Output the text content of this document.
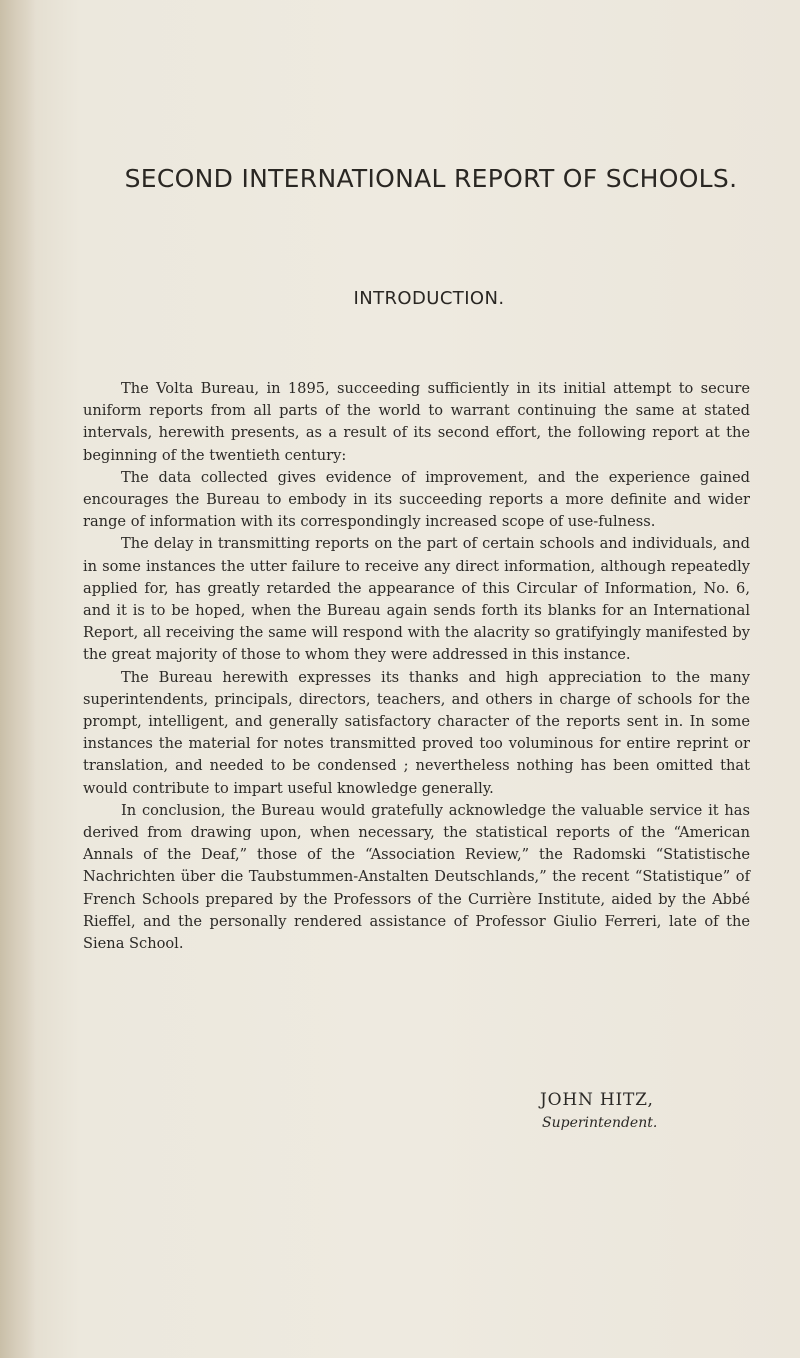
SECOND INTERNATIONAL REPORT OF SCHOOLS.
INTRODUCTION.

The Volta Bureau, in 1895, succeeding sufficiently in its initial attempt to secure uniform reports from all parts of the world to warrant continuing the same at stated intervals, herewith presents, as a result of its second effort, the following report at the beginning of the twentieth century:

The data collected gives evidence of improvement, and the experience gained encourages the Bureau to embody in its succeeding reports a more definite and wider range of information with its correspondingly increased scope of use-fulness.

The delay in transmitting reports on the part of certain schools and individuals, and in some instances the utter failure to receive any direct information, although repeatedly applied for, has greatly retarded the appearance of this Circular of Information, No. 6, and it is to be hoped, when the Bureau again sends forth its blanks for an International Report, all receiving the same will respond with the alacrity so gratifyingly manifested by the great majority of those to whom they were addressed in this instance.

The Bureau herewith expresses its thanks and high appreciation to the many superintendents, principals, directors, teachers, and others in charge of schools for the prompt, intelligent, and generally satisfactory character of the reports sent in. In some instances the material for notes transmitted proved too voluminous for entire reprint or translation, and needed to be condensed ; nevertheless nothing has been omitted that would contribute to impart useful knowledge generally.

In conclusion, the Bureau would gratefully acknowledge the valuable service it has derived from drawing upon, when necessary, the statistical reports of the “American Annals of the Deaf,” those of the “Association Review,” the Radomski “Statistische Nachrichten über die Taubstummen-Anstalten Deutschlands,” the recent “Statistique” of French Schools prepared by the Professors of the Currière Institute, aided by the Abbé Rieffel, and the personally rendered assistance of Professor Giulio Ferreri, late of the Siena School.

JOHN HITZ,
Superintendent.
